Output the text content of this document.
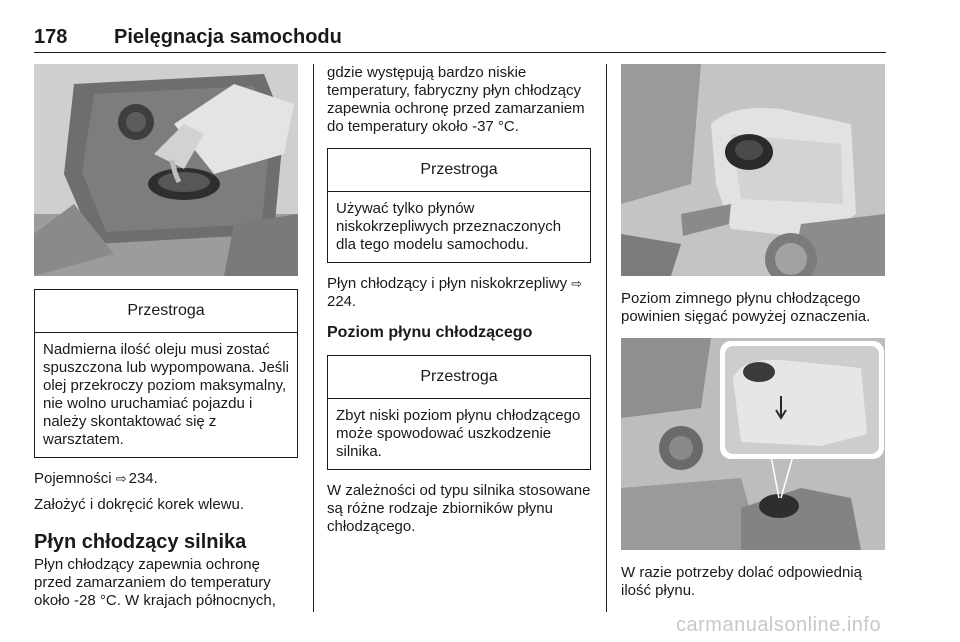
178 Pielęgnacja samochodu
Przestroga
Nadmierna ilość oleju musi zostać spuszczona lub wypompowana. Jeśli olej przekroczy poziom maksymalny, nie wolno uruchamiać pojazdu i należy skontaktować się z warsztatem.

Pojemności ⇨ 234.

Założyć i dokręcić korek wlewu.

Płyn chłodzący silnika

Płyn chłodzący zapewnia ochronę przed zamarzaniem do temperatury około -28 °C. W krajach północnych,

gdzie występują bardzo niskie temperatury, fabryczny płyn chłodzący zapewnia ochronę przed zamarzaniem do temperatury około -37 °C.

Przestroga
Używać tylko płynów niskokrzepliwych przeznaczonych dla tego modelu samochodu.

Płyn chłodzący i płyn niskokrzepliwy ⇨224.

Poziom płynu chłodzącego

Przestroga
Zbyt niski poziom płynu chłodzącego może spowodować uszkodzenie silnika.

W zależności od typu silnika stosowane są różne rodzaje zbiorników płynu chłodzącego.

Poziom zimnego płynu chłodzącego powinien sięgać powyżej oznaczenia.

W razie potrzeby dolać odpowiednią ilość płynu.

carmanualsonline.info
